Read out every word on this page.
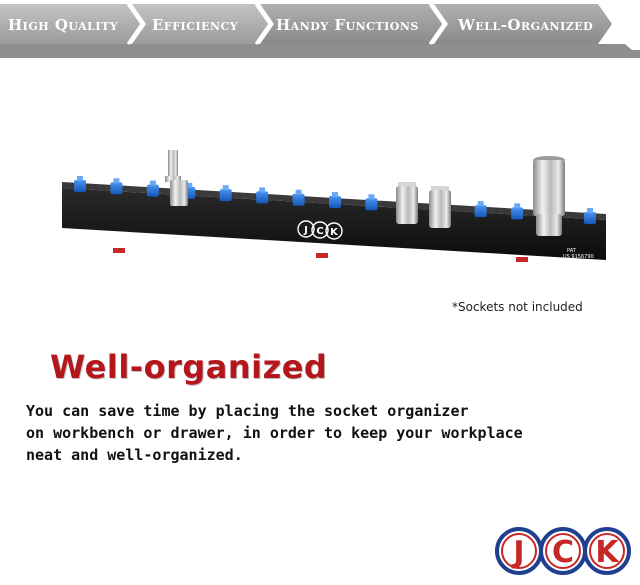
High Quality Efficiency	Handy Functions	Well-Organized
J C K
PAT
US 9156790
*Sockets not included
Well-organized
You can save time by placing the socket organizer
on workbench or drawer, in order to keep your workplace
neat and well-organized.
J C K
